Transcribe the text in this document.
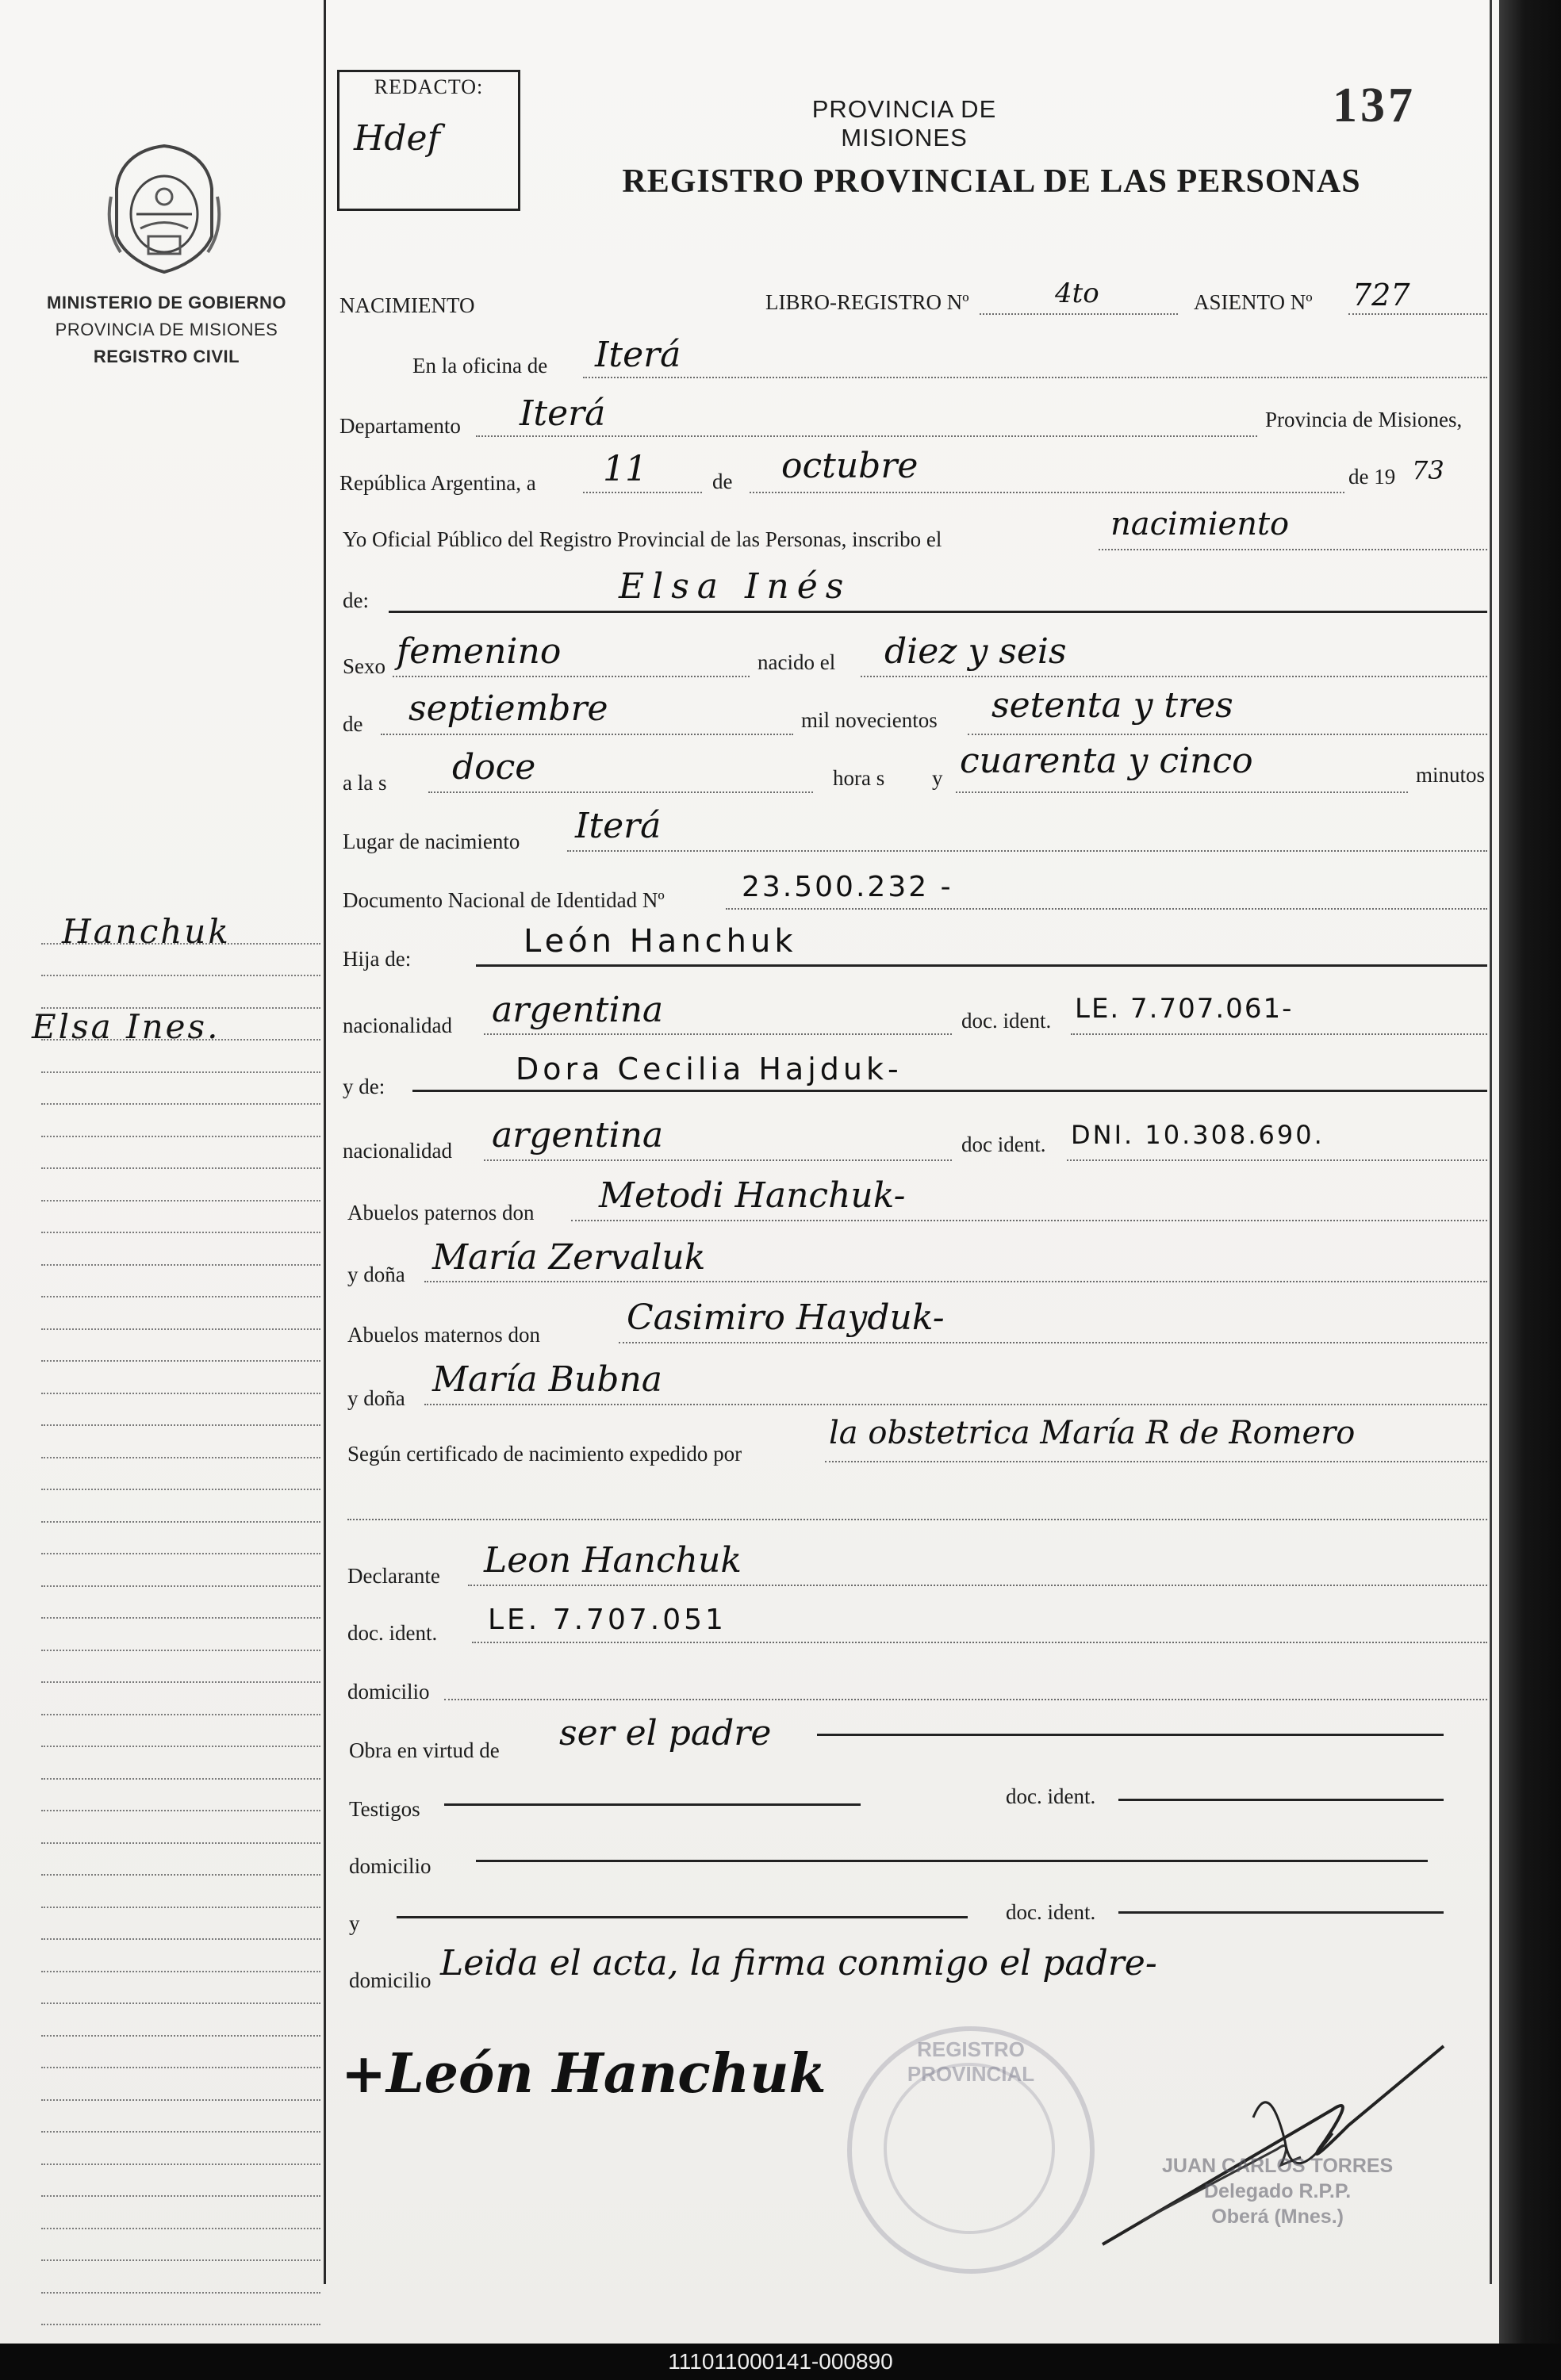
MINISTERIO DE GOBIERNO
PROVINCIA DE MISIONES
REGISTRO CIVIL
Hanchuk
Elsa Ines.
REDACTO:
Hdef
PROVINCIA DE MISIONES
REGISTRO PROVINCIAL DE LAS PERSONAS
137
NACIMIENTO	LIBRO-REGISTRO Nº	4to	ASIENTO Nº 727
En la oficina de Iterá
Departamento Iterá	Provincia de Misiones,
República Argentina, a 11	de octubre	de 19 73
Yo Oficial Público del Registro Provincial de las Personas, inscribo el	nacimiento
de:	Elsa Inés
Sexo femenino	nacido el diez y seis
de septiembre	mil novecientos setenta y tres
a la s doce	hora s y cuarenta y cinco	minutos
Lugar de nacimiento Iterá
Documento Nacional de Identidad Nº	23.500.232 -
Hija de:	León Hanchuk
nacionalidad argentina	doc. ident. LE. 7.707.061-
y de:	Dora Cecilia Hajduk-
nacionalidad argentina	doc ident. DNI. 10.308.690.
Abuelos paternos don Metodi Hanchuk-
y doña María Zervaluk
Abuelos maternos don Casimiro Hayduk-
y doña María Bubna
Según certificado de nacimiento expedido por
la obstetrica María R de Romero
Declarante Leon Hanchuk
doc. ident. LE. 7.707.051
domicilio
Obra en virtud de ser el padre
Testigos
doc. ident.
domicilio
y	doc. ident.
domicilio Leida el acta, la firma conmigo el padre-
+León Hanchuk	REGISTRO PROVINCIAL
JUAN CARLOS TORRES
Delegado R.P.P.
Oberá (Mnes.)
111011000141-000890
